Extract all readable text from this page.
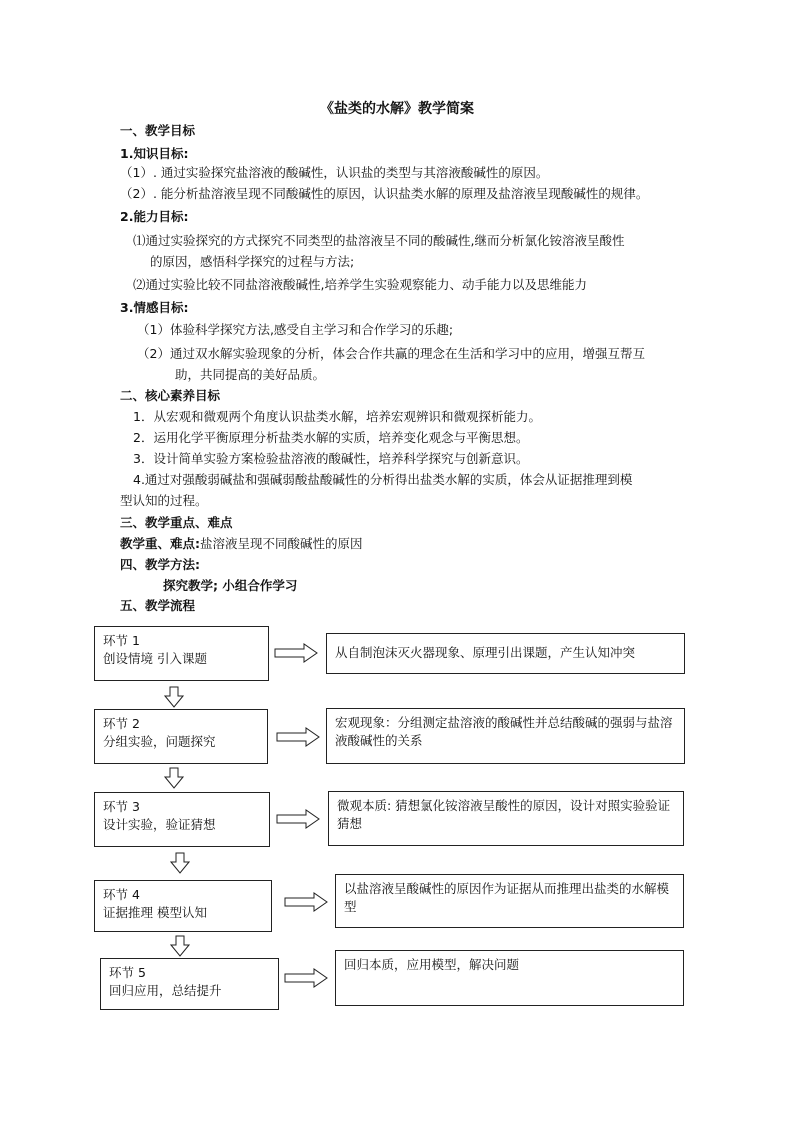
《盐类的水解》教学简案
一、教学目标
1.知识目标:
（1）. 通过实验探究盐溶液的酸碱性，认识盐的类型与其溶液酸碱性的原因。
（2）. 能分析盐溶液呈现不同酸碱性的原因，认识盐类水解的原理及盐溶液呈现酸碱性的规律。
2.能力目标:
⑴通过实验探究的方式探究不同类型的盐溶液呈不同的酸碱性,继而分析氯化铵溶液呈酸性
的原因，感悟科学探究的过程与方法;
⑵通过实验比较不同盐溶液酸碱性,培养学生实验观察能力、动手能力以及思维能力
3.情感目标:
（1）体验科学探究方法,感受自主学习和合作学习的乐趣;
（2）通过双水解实验现象的分析，体会合作共赢的理念在生活和学习中的应用，增强互帮互
助，共同提高的美好品质。
二、核心素养目标
1．从宏观和微观两个角度认识盐类水解，培养宏观辨识和微观探析能力。
2．运用化学平衡原理分析盐类水解的实质，培养变化观念与平衡思想。
3．设计简单实验方案检验盐溶液的酸碱性，培养科学探究与创新意识。
4.通过对强酸弱碱盐和强碱弱酸盐酸碱性的分析得出盐类水解的实质，体会从证据推理到模
型认知的过程。
三、教学重点、难点
教学重、难点:盐溶液呈现不同酸碱性的原因
四、教学方法:
探究教学; 小组合作学习
五、教学流程
环节 1
创设情境 引入课题	从自制泡沫灭火器现象、原理引出课题，产生认知冲突
环节 2
分组实验，问题探究
宏观现象：分组测定盐溶液的酸碱性并总结酸碱的强弱与盐溶液酸碱性的关系
环节 3
设计实验，验证猜想
微观本质: 猜想氯化铵溶液呈酸性的原因，设计对照实验验证猜想
环节 4
证据推理 模型认知
以盐溶液呈酸碱性的原因作为证据从而推理出盐类的水解模型
环节 5
回归应用，总结提升
回归本质，应用模型，解决问题
